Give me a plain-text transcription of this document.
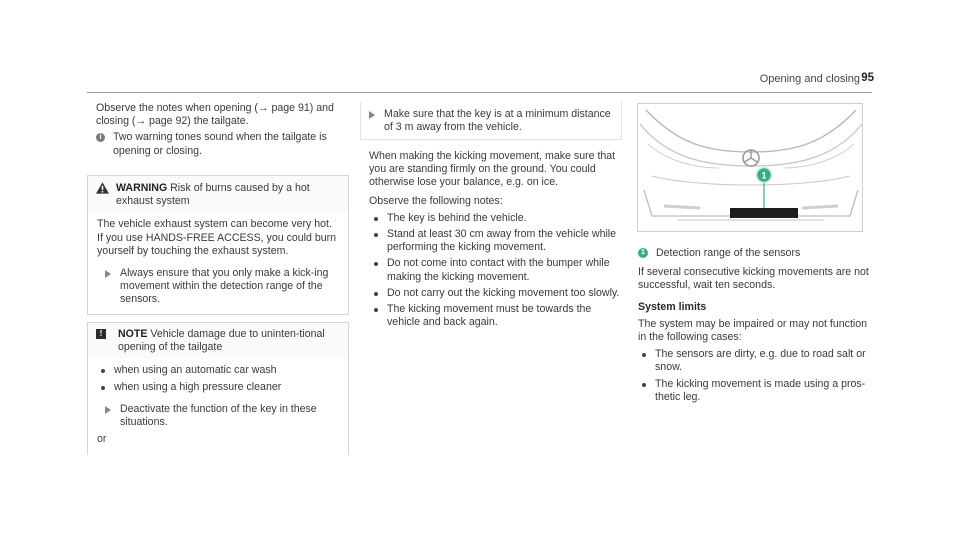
Opening and closing 95

Observe the notes when opening (→ page 91) and closing (→ page 92) the tailgate.

i	Two warning tones sound when the tailgate is opening or closing.

WARNING Risk of burns caused by a hot exhaust system

The vehicle exhaust system can become very hot. If you use HANDS-FREE ACCESS, you could burn yourself by touching the exhaust system.

Always ensure that you only make a kick-ing movement within the detection range of the sensors.

!	NOTE Vehicle damage due to uninten-tional opening of the tailgate
when using an automatic car wash
when using a high pressure cleaner

Deactivate the function of the key in these situations.

or

Make sure that the key is at a minimum distance of 3 m away from the vehicle.

When making the kicking movement, make sure that you are standing firmly on the ground. You could otherwise lose your balance, e.g. on ice.

Observe the following notes:

The key is behind the vehicle.
Stand at least 30 cm away from the vehicle while performing the kicking movement.
Do not come into contact with the bumper while making the kicking movement.
Do not carry out the kicking movement too slowly.
The kicking movement must be towards the vehicle and back again.
1
1 Detection range of the sensors

If several consecutive kicking movements are not successful, wait ten seconds.

System limits

The system may be impaired or may not function in the following cases:

The sensors are dirty, e.g. due to road salt or snow.
The kicking movement is made using a pros-thetic leg.
